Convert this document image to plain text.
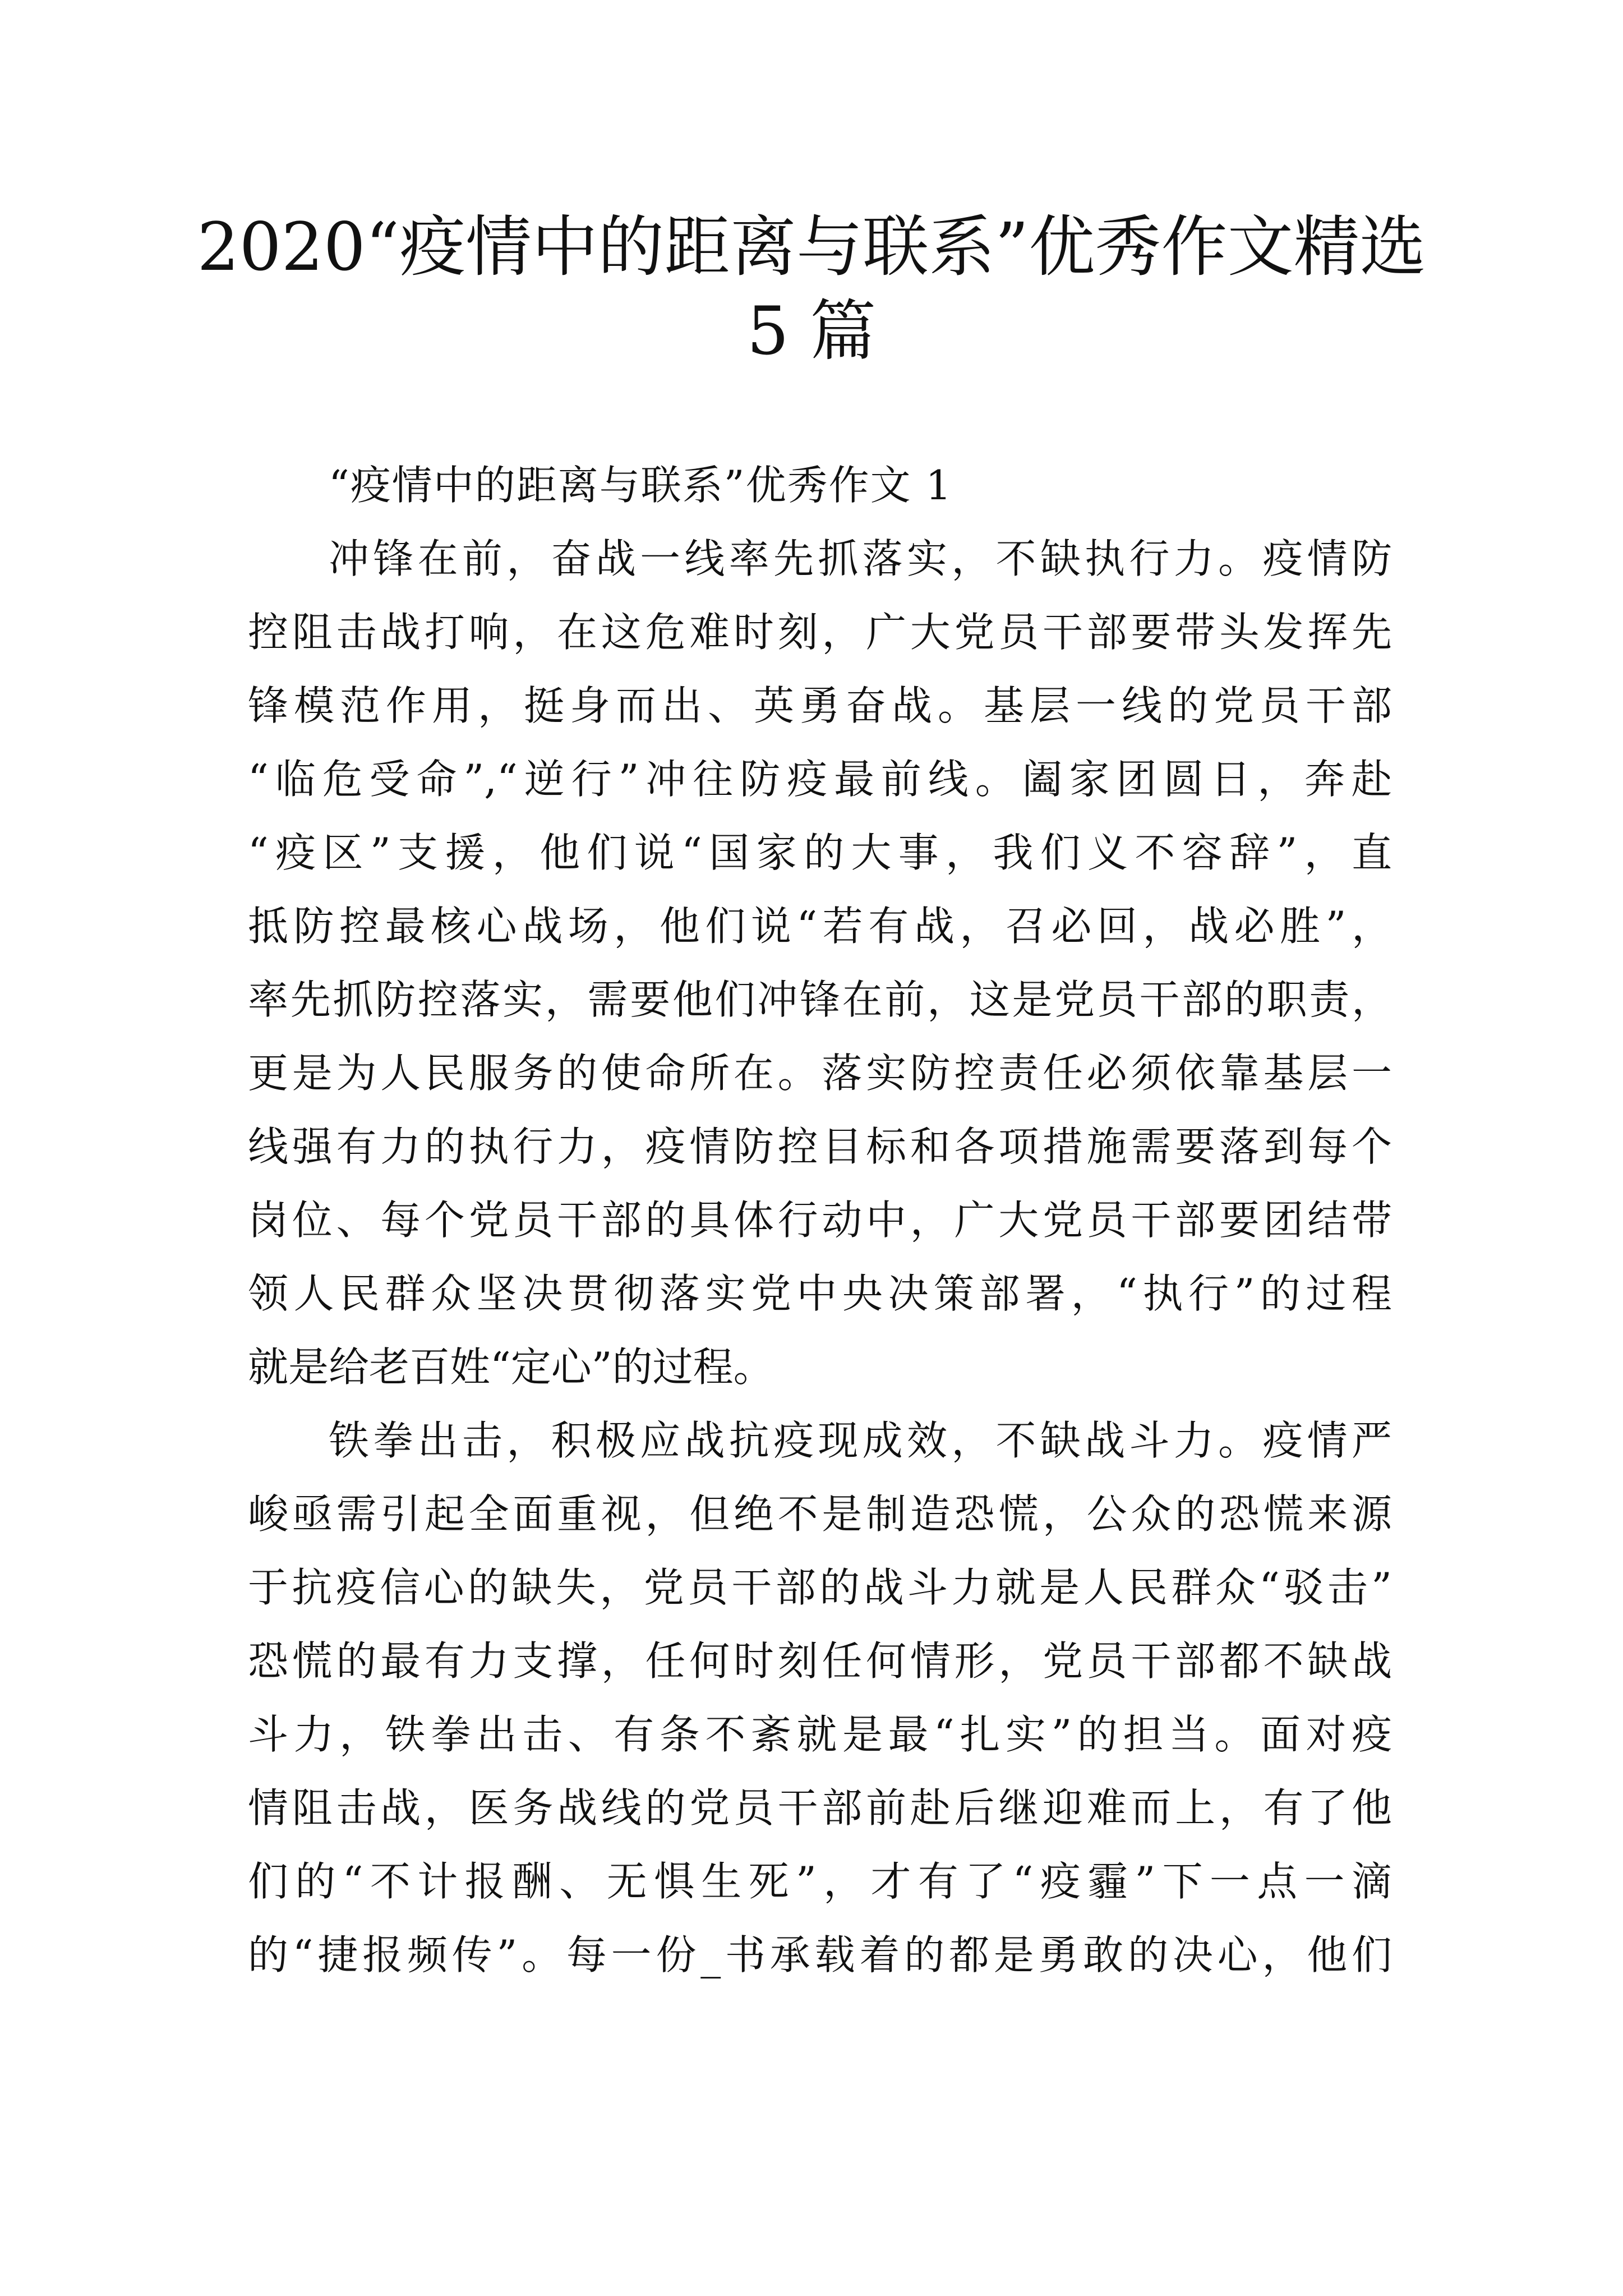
2020“疫情中的距离与联系”优秀作文精选
5 篇
“疫情中的距离与联系”优秀作文 1
冲锋在前，奋战一线率先抓落实，不缺执行力。疫情防
控阻击战打响，在这危难时刻，广大党员干部要带头发挥先
锋模范作用，挺身而出、英勇奋战。基层一线的党员干部
“临危受命”,“逆行”冲往防疫最前线。阖家团圆日，奔赴
“疫区”支援，他们说“国家的大事，我们义不容辞”，直
抵防控最核心战场，他们说“若有战，召必回，战必胜”，
率先抓防控落实，需要他们冲锋在前，这是党员干部的职责，
更是为人民服务的使命所在。落实防控责任必须依靠基层一
线强有力的执行力，疫情防控目标和各项措施需要落到每个
岗位、每个党员干部的具体行动中，广大党员干部要团结带
领人民群众坚决贯彻落实党中央决策部署，“执行”的过程
就是给老百姓“定心”的过程。
铁拳出击，积极应战抗疫现成效，不缺战斗力。疫情严
峻亟需引起全面重视，但绝不是制造恐慌，公众的恐慌来源
于抗疫信心的缺失，党员干部的战斗力就是人民群众“驳击”
恐慌的最有力支撑，任何时刻任何情形，党员干部都不缺战
斗力，铁拳出击、有条不紊就是最“扎实”的担当。面对疫
情阻击战，医务战线的党员干部前赴后继迎难而上，有了他
们的“不计报酬、无惧生死”，才有了“疫霾”下一点一滴
的“捷报频传”。每一份_书承载着的都是勇敢的决心，他们
